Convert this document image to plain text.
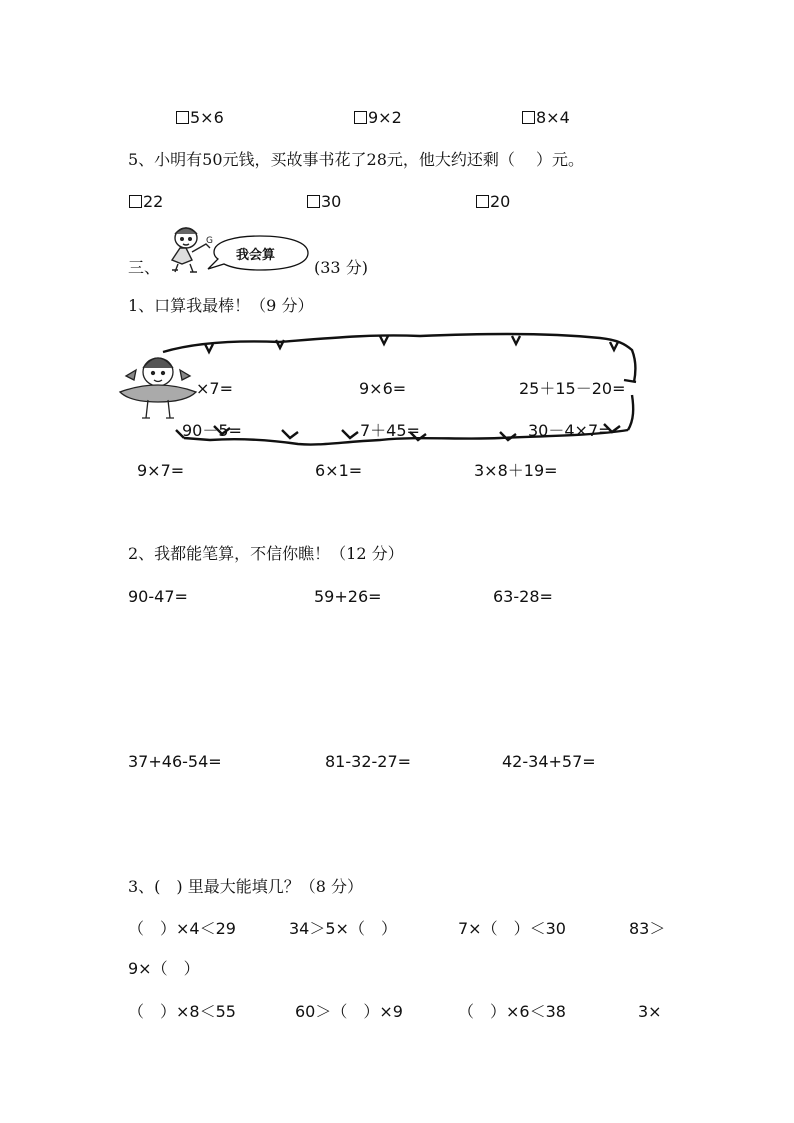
5×6	9×2	8×4
5、小明有50元钱，买故事书花了28元，他大约还剩（　 ）元。
22	30	20
三、
G
我会算
(33 分)
1、口算我最棒！（9 分）
×7=	9×6=	25＋15－20=
90－5=	7＋45=	30－4×7=
9×7=	6×1=	3×8＋19=
2、我都能笔算，不信你瞧！（12 分）
90-47=	59+26=	63-28=
37+46-54=	81-32-27=	42-34+57=
3、(　) 里最大能填几？（8 分）
（　）×4＜29	34＞5×（　）	7×（　）＜30	83＞
9×（　）
（　）×8＜55	60＞（　）×9	（　）×6＜38	3×
